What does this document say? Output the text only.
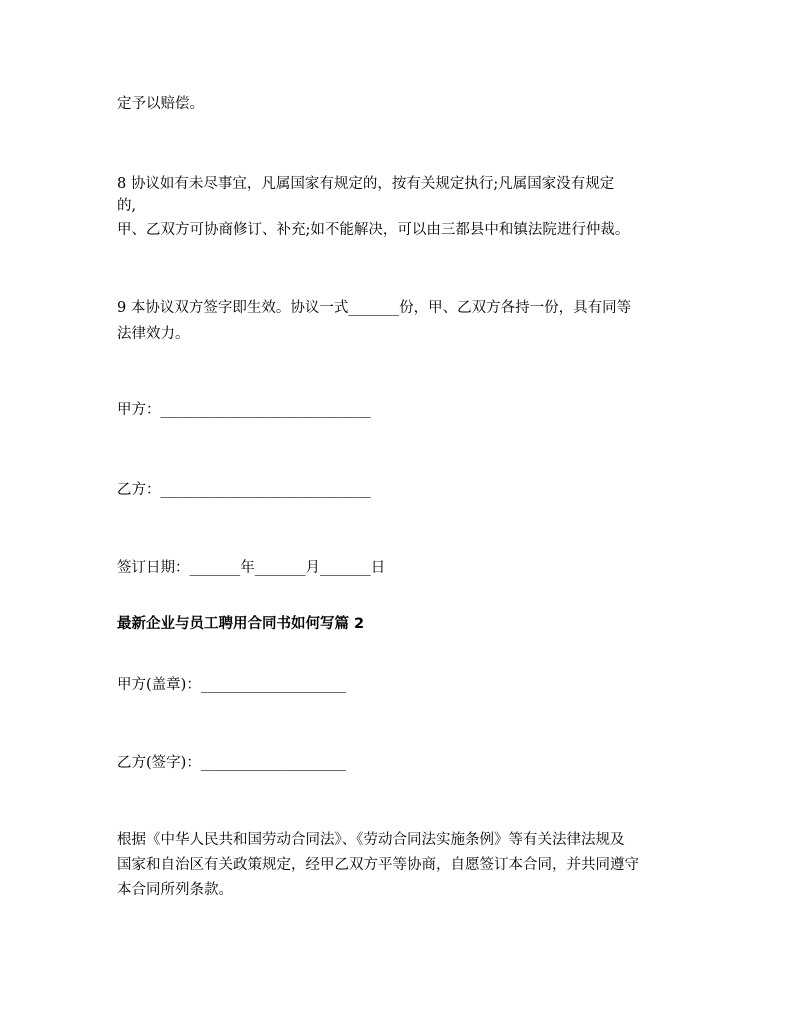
定予以赔偿。
8 协议如有未尽事宜，凡属国家有规定的，按有关规定执行;凡属国家没有规定
的,
甲、乙双方可协商修订、补充;如不能解决，可以由三都县中和镇法院进行仲裁。
9 本协议双方签字即生效。协议一式_______份，甲、乙双方各持一份，具有同等
法律效力。
甲方：_____________________________
乙方：_____________________________
签订日期：_______年_______月_______日
最新企业与员工聘用合同书如何写篇 2
甲方(盖章)：____________________
乙方(签字)：____________________
根据《中华人民共和国劳动合同法》、《劳动合同法实施条例》等有关法律法规及
国家和自治区有关政策规定，经甲乙双方平等协商，自愿签订本合同，并共同遵守
本合同所列条款。
